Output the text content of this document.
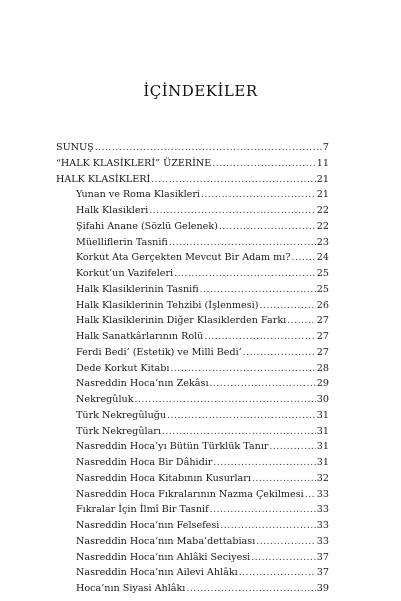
İÇİNDEKİLER
SUNUŞ .....	7
“HALK KLASİKLERİ” ÜZERİNE .....	11
HALK KLASİKLERİ .....	21
Yunan ve Roma Klasikleri .....	21
Halk Klasikleri .....	22
Şifahi Anane (Sözlü Gelenek) .....	22
Müelliflerin Tasnifi .....	23
Korkut Ata Gerçekten Mevcut Bir Adam mı? .....	24
Korkut’un Vazifeleri .....	25
Halk Klasiklerinin Tasnifi .....	25
Halk Klasiklerinin Tehzibi (İşlenmesi) .....	26
Halk Klasiklerinin Diğer Klasiklerden Farkı .....	27
Halk Sanatkârlarının Rolü .....	27
Ferdi Bedi’ (Estetik) ve Milli Bedi’ .....	27
Dede Korkut Kitabı .....	28
Nasreddin Hoca’nın Zekâsı .....	29
Nekregûluk .....	30
Türk Nekregûluğu .....	31
Türk Nekregûları .....	31
Nasreddin Hoca’yı Bütün Türklük Tanır .....	31
Nasreddin Hoca Bir Dâhidir .....	31
Nasreddin Hoca Kitabının Kusurları .....	32
Nasreddin Hoca Fıkralarının Nazma Çekilmesi ..... 33
Fıkralar İçin İlmî Bir Tasnif .....	33
Nasreddin Hoca’nın Felsefesi .....	33
Nasreddin Hoca’nın Maba’dettabiası .....	33
Nasreddin Hoca’nın Ahlâki Seciyesi .....	37
Nasreddin Hoca’nın Ailevi Ahlâkı .....	37
Hoca’nın Siyasi Ahlâkı .....	39
